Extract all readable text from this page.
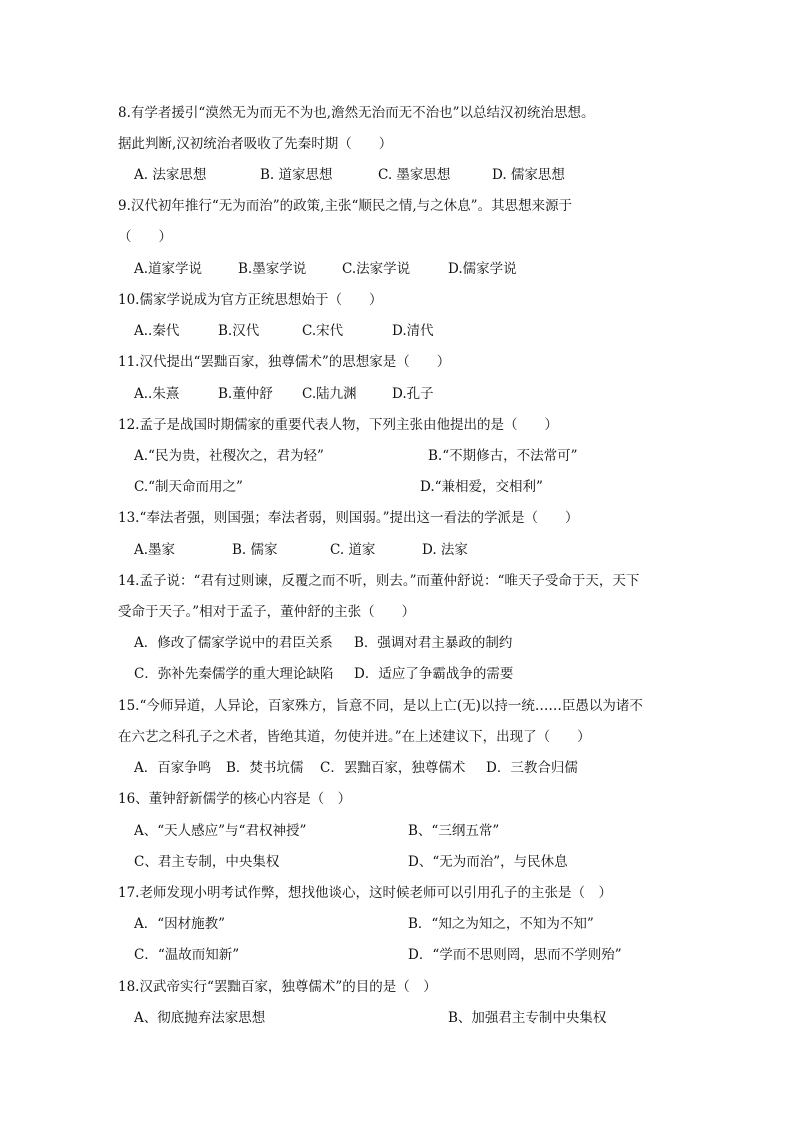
8.有学者援引“漠然无为而无不为也,澹然无治而无不治也”以总结汉初统治思想。
据此判断,汉初统治者吸收了先秦时期（　　）
A. 法家思想	B. 道家思想	C. 墨家思想	D. 儒家思想
9.汉代初年推行“无为而治”的政策,主张“顺民之情,与之休息”。其思想来源于
（　　）
A.道家学说	B.墨家学说	C.法家学说	D.儒家学说
10.儒家学说成为官方正统思想始于（　　）
A..秦代	B.汉代	C.宋代	D.清代
11.汉代提出“罢黜百家，独尊儒术”的思想家是（　　）
A..朱熹	B.董仲舒 C.陆九渊	D.孔子
12.孟子是战国时期儒家的重要代表人物，下列主张由他提出的是（　　）
A.“民为贵，社稷次之，君为轻”	B.“不期修古，不法常可”
C.“制天命而用之”	D.“兼相爱，交相利”
13.“奉法者强，则国强；奉法者弱，则国弱。”提出这一看法的学派是（　　）
A.墨家	B. 儒家	C. 道家	D. 法家
14.孟子说：“君有过则谏，反覆之而不听，则去。”而董仲舒说：“唯天子受命于天，天下
受命于天子。”相对于孟子，董仲舒的主张（　　）
A．修改了儒家学说中的君臣关系 B．强调对君主暴政的制约
C．弥补先秦儒学的重大理论缺陷 D．适应了争霸战争的需要
15.“今师异道，人异论，百家殊方，旨意不同，是以上亡(无)以持一统……臣愚以为诸不
在六艺之科孔子之术者，皆绝其道，勿使并进。”在上述建议下，出现了（　　）
A．百家争鸣 B．焚书坑儒 C．罢黜百家，独尊儒术 D．三教合归儒
16、董钟舒新儒学的核心内容是（　）
A、“天人感应”与“君权神授”	B、“三纲五常”
C、君主专制，中央集权	D、“无为而治”，与民休息
17.老师发现小明考试作弊，想找他谈心，这时候老师可以引用孔子的主张是（　）
A．“因材施教”	B．“知之为知之，不知为不知”
C．“温故而知新”	D．“学而不思则罔，思而不学则殆”
18.汉武帝实行“罢黜百家，独尊儒术”的目的是（　）
A、彻底抛弃法家思想	B、加强君主专制中央集权
